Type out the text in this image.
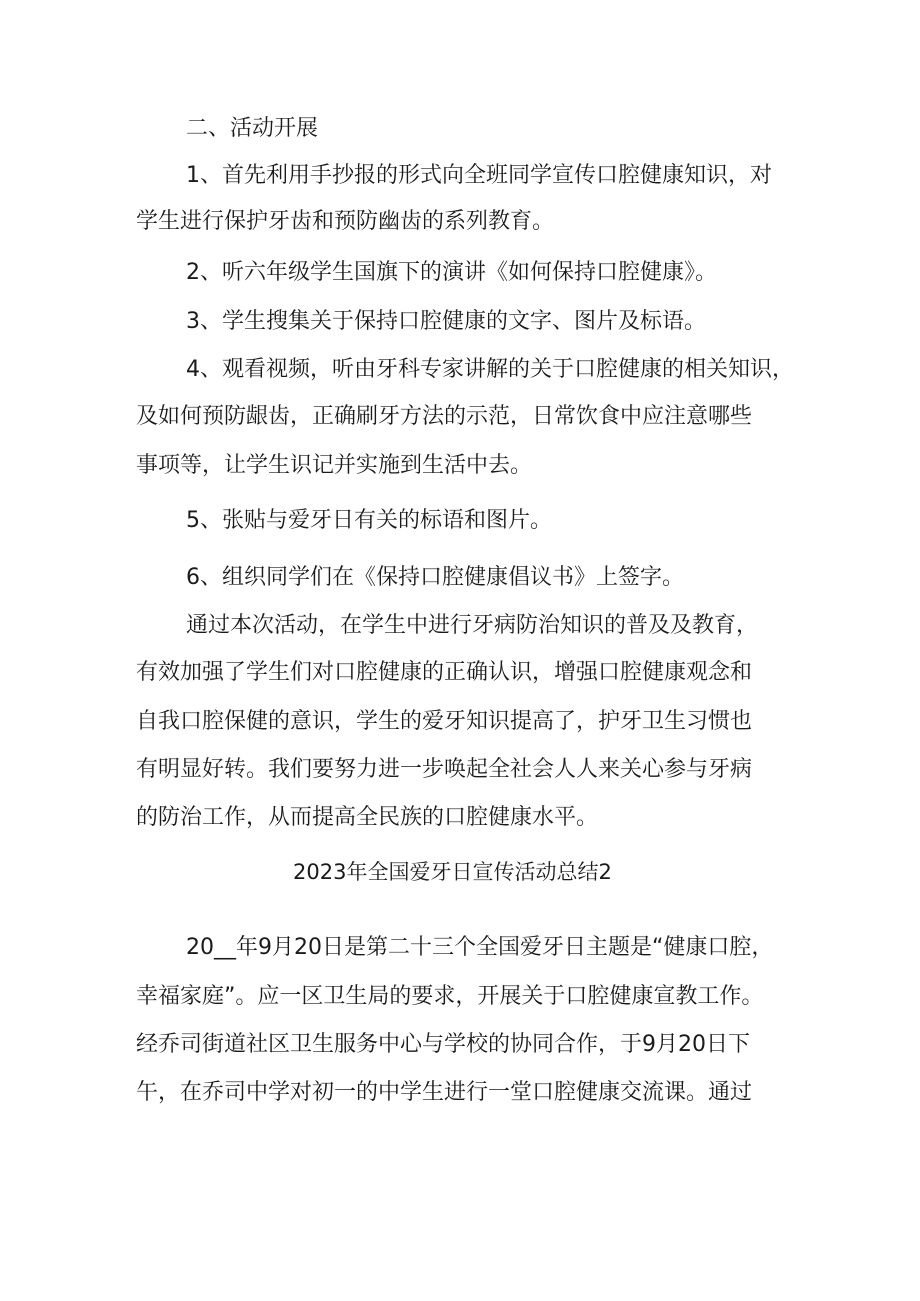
二、活动开展
1、首先利用手抄报的形式向全班同学宣传口腔健康知识，对
学生进行保护牙齿和预防幽齿的系列教育。
2、听六年级学生国旗下的演讲《如何保持口腔健康》。
3、学生搜集关于保持口腔健康的文字、图片及标语。
4、观看视频，听由牙科专家讲解的关于口腔健康的相关知识，
及如何预防龈齿，正确刷牙方法的示范，日常饮食中应注意哪些
事项等，让学生识记并实施到生活中去。
5、张贴与爱牙日有关的标语和图片。
6、组织同学们在《保持口腔健康倡议书》上签字。
通过本次活动，在学生中进行牙病防治知识的普及及教育，
有效加强了学生们对口腔健康的正确认识，增强口腔健康观念和
自我口腔保健的意识，学生的爱牙知识提高了，护牙卫生习惯也
有明显好转。我们要努力进一步唤起全社会人人来关心参与牙病
的防治工作，从而提高全民族的口腔健康水平。
2023年全国爱牙日宣传活动总结2
20__年9月20日是第二十三个全国爱牙日主题是“健康口腔，
幸福家庭”。应一区卫生局的要求，开展关于口腔健康宣教工作。
经乔司街道社区卫生服务中心与学校的协同合作，于9月20日下
午，在乔司中学对初一的中学生进行一堂口腔健康交流课。通过
